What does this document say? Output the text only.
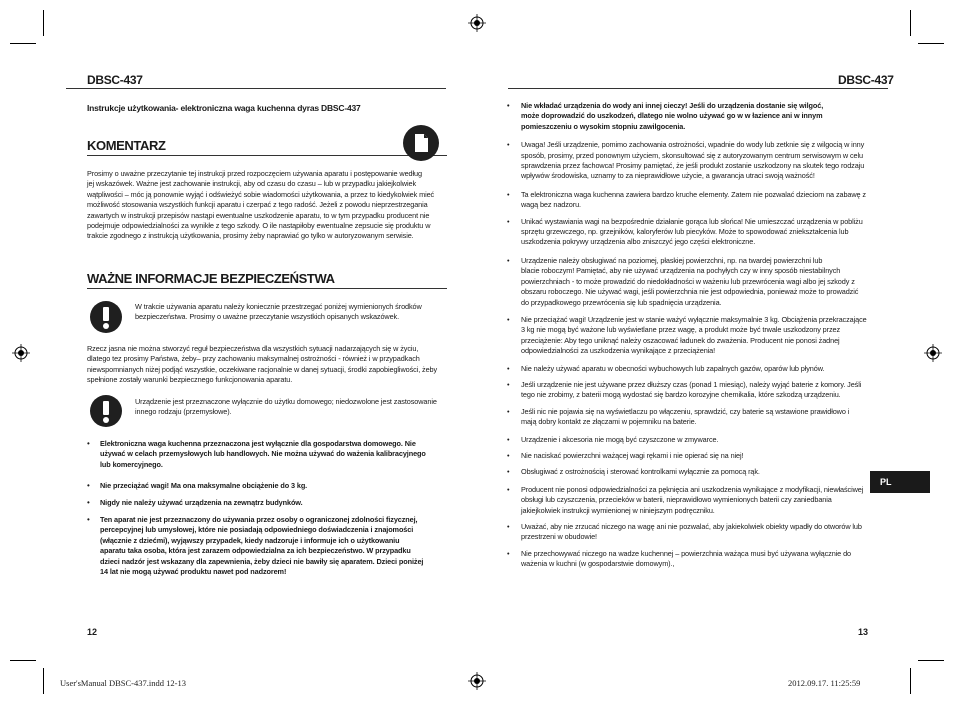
DBSC-437
Instrukcje użytkowania- elektroniczna waga kuchenna dyras DBSC-437
KOMENTARZ
Prosimy o uważne przeczytanie tej instrukcji przed rozpoczęciem używania aparatu i postępowanie według
jej wskazówek. Ważne jest zachowanie instrukcji, aby od czasu do czasu – lub w przypadku jakiejkolwiek
wątpliwości – móc ją ponownie wyjąć i odświeżyć sobie wiadomości użytkowania, a przez to kiedykolwiek mieć
możliwość stosowania wszystkich funkcji aparatu i czerpać z tego radość. Jeżeli z powodu nieprzestrzegania
zawartych w instrukcji przepisów nastąpi ewentualne uszkodzenie aparatu, to w tym przypadku producent nie
podejmuje odpowiedzialności za wynikłe z tego szkody. O ile nastąpiłoby ewentualne zepsucie się produktu w
trakcie zgodnego z instrukcją użytkowania, prosimy żeby naprawiać go tylko w autoryzowanym serwisie.
WAŻNE INFORMACJE BEZPIECZEŃSTWA
W trakcie używania aparatu należy koniecznie przestrzegać poniżej wymienionych środków
bezpieczeństwa. Prosimy o uważne przeczytanie wszystkich opisanych wskazówek.
Rzecz jasna nie można stworzyć reguł bezpieczeństwa dla wszystkich sytuacji nadarzających się w życiu,
dlatego tez prosimy Państwa, żeby– przy zachowaniu maksymalnej ostrożności - również i w przypadkach
niewspomnianych niżej podjąć wszystkie, oczekiwane racjonalnie w danej sytuacji, środki zapobiegliwości, żeby
spełnione zostały warunki bezpiecznego funkcjonowania aparatu.
Urządzenie jest przeznaczone wyłącznie do użytku domowego; niedozwolone jest zastosowanie
innego rodzaju (przemysłowe).
• Elektroniczna waga kuchenna przeznaczona jest wyłącznie dla gospodarstwa domowego. Nie
używać w celach przemysłowych lub handlowych. Nie można używać do ważenia kalibracyjnego
lub komercyjnego.
• Nie przeciążać wagi! Ma ona maksymalne obciążenie do 3 kg.
• Nigdy nie należy używać urządzenia na zewnątrz budynków.
• Ten aparat nie jest przeznaczony do używania przez osoby o ograniczonej zdolności fizycznej,
percepcyjnej lub umysłowej, które nie posiadają odpowiedniego doświadczenia i znajomości
(włącznie z dziećmi), wyjąwszy przypadek, kiedy nadzoruje i informuje ich o użytkowaniu
aparatu taka osoba, która jest zarazem odpowiedzialna za ich bezpieczeństwo. W przypadku
dzieci nadzór jest wskazany dla zapewnienia, żeby dzieci nie bawiły się aparatem. Dzieci poniżej
14 lat nie mogą używać produktu nawet pod nadzorem!
12
DBSC-437
• Nie wkładać urządzenia do wody ani innej cieczy! Jeśli do urządzenia dostanie się wilgoć,
może doprowadzić do uszkodzeń, dlatego nie wolno używać go w w łazience ani w innym
pomieszczeniu o wysokim stopniu zawilgocenia.
• Uwaga! Jeśli urządzenie, pomimo zachowania ostrożności, wpadnie do wody lub zetknie się z wilgocią w inny
sposób, prosimy, przed ponownym użyciem, skonsultować się z autoryzowanym centrum serwisowym w celu
sprawdzenia przez fachowca! Prosimy pamiętać, że jeśli produkt zostanie uszkodzony na skutek tego rodzaju
wpływów środowiska, uznamy to za nieprawidłowe użycie, a gwarancja utraci swoją ważność!
• Ta elektroniczna waga kuchenna zawiera bardzo kruche elementy. Zatem nie pozwalać dzieciom na zabawę z
wagą bez nadzoru.
• Unikać wystawiania wagi na bezpośrednie działanie gorąca lub słońca! Nie umieszczać urządzenia w pobliżu
sprzętu grzewczego, np. grzejników, kaloryferów lub piecyków. Może to spowodować zniekształcenia lub
uszkodzenia pokrywy urządzenia albo zniszczyć jego części elektroniczne.
• Urządzenie należy obsługiwać na poziomej, płaskiej powierzchni, np. na twardej powierzchni lub
blacie roboczym! Pamiętać, aby nie używać urządzenia na pochyłych czy w inny sposób niestabilnych
powierzchniach - to może prowadzić do niedokładności w ważeniu lub przewrócenia wagi albo jej szkody z
obszaru roboczego. Nie używać wagi, jeśli powierzchnia nie jest odpowiednia, ponieważ może to prowadzić
do przypadkowego przewrócenia się lub spadnięcia urządzenia.
• Nie przeciążać wagi! Urządzenie jest w stanie ważyć wyłącznie maksymalnie 3 kg. Obciążenia przekraczające
3 kg nie mogą być ważone lub wyświetlane przez wagę, a produkt może być trwale uszkodzony przez
przeciążenie: Aby tego uniknąć należy oszacować ładunek do zważenia. Producent nie ponosi żadnej
odpowiedzialności za uszkodzenia wynikające z przeciążenia!
• Nie należy używać aparatu w obecności wybuchowych lub zapalnych gazów, oparów lub płynów.
• Jeśli urządzenie nie jest używane przez dłuższy czas (ponad 1 miesiąc), należy wyjąć baterie z komory. Jeśli
tego nie zrobimy, z baterii mogą wydostać się bardzo korozyjne chemikalia, które szkodzą urządzeniu.
• Jeśli nic nie pojawia się na wyświetlaczu po włączeniu, sprawdzić, czy baterie są wstawione prawidłowo i
mają dobry kontakt ze złączami w pojemniku na baterie.
• Urządzenie i akcesoria nie mogą być czyszczone w zmywarce.
• Nie naciskać powierzchni ważącej wagi rękami i nie opierać się na niej!
• Obsługiwać z ostrożnością i sterować kontrolkami wyłącznie za pomocą rąk.
• Producent nie ponosi odpowiedzialności za pęknięcia ani uszkodzenia wynikające z modyfikacji, niewłaściwej
obsługi lub czyszczenia, przecieków w baterii, nieprawidłowo wymienionych baterii czy zaniedbania
jakiejkolwiek instrukcji wymienionej w niniejszym podręczniku.
• Uważać, aby nie zrzucać niczego na wagę ani nie pozwalać, aby jakiekolwiek obiekty wpadły do otworów lub
przestrzeni w obudowie!
• Nie przechowywać niczego na wadze kuchennej – powierzchnia ważąca musi być używana wyłącznie do
ważenia w kuchni (w gospodarstwie domowym).,
PL
13
User'sManual DBSC-437.indd 12-13	2012.09.17. 11:25:59
